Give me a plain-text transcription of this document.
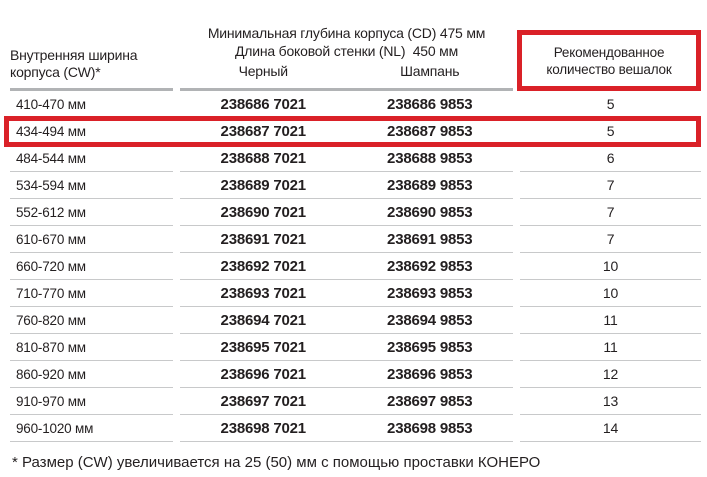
Внутренняя ширина корпуса (CW)*
Минимальная глубина корпуса (CD) 475 мм
Длина боковой стенки (NL)  450 мм
Черный	Шампань
Рекомендованное количество вешалок
410-470 мм	238686 7021	238686 9853	5
434-494 мм	238687 7021	238687 9853	5
484-544 мм	238688 7021	238688 9853	6
534-594 мм	238689 7021	238689 9853	7
552-612 мм	238690 7021	238690 9853	7
610-670 мм	238691 7021	238691 9853	7
660-720 мм	238692 7021	238692 9853	10
710-770 мм	238693 7021	238693 9853	10
760-820 мм	238694 7021	238694 9853	11
810-870 мм	238695 7021	238695 9853	11
860-920 мм	238696 7021	238696 9853	12
910-970 мм	238697 7021	238697 9853	13
960-1020 мм	238698 7021	238698 9853	14
* Размер (CW) увеличивается на 25 (50) мм с помощью проставки КОНЕРО
